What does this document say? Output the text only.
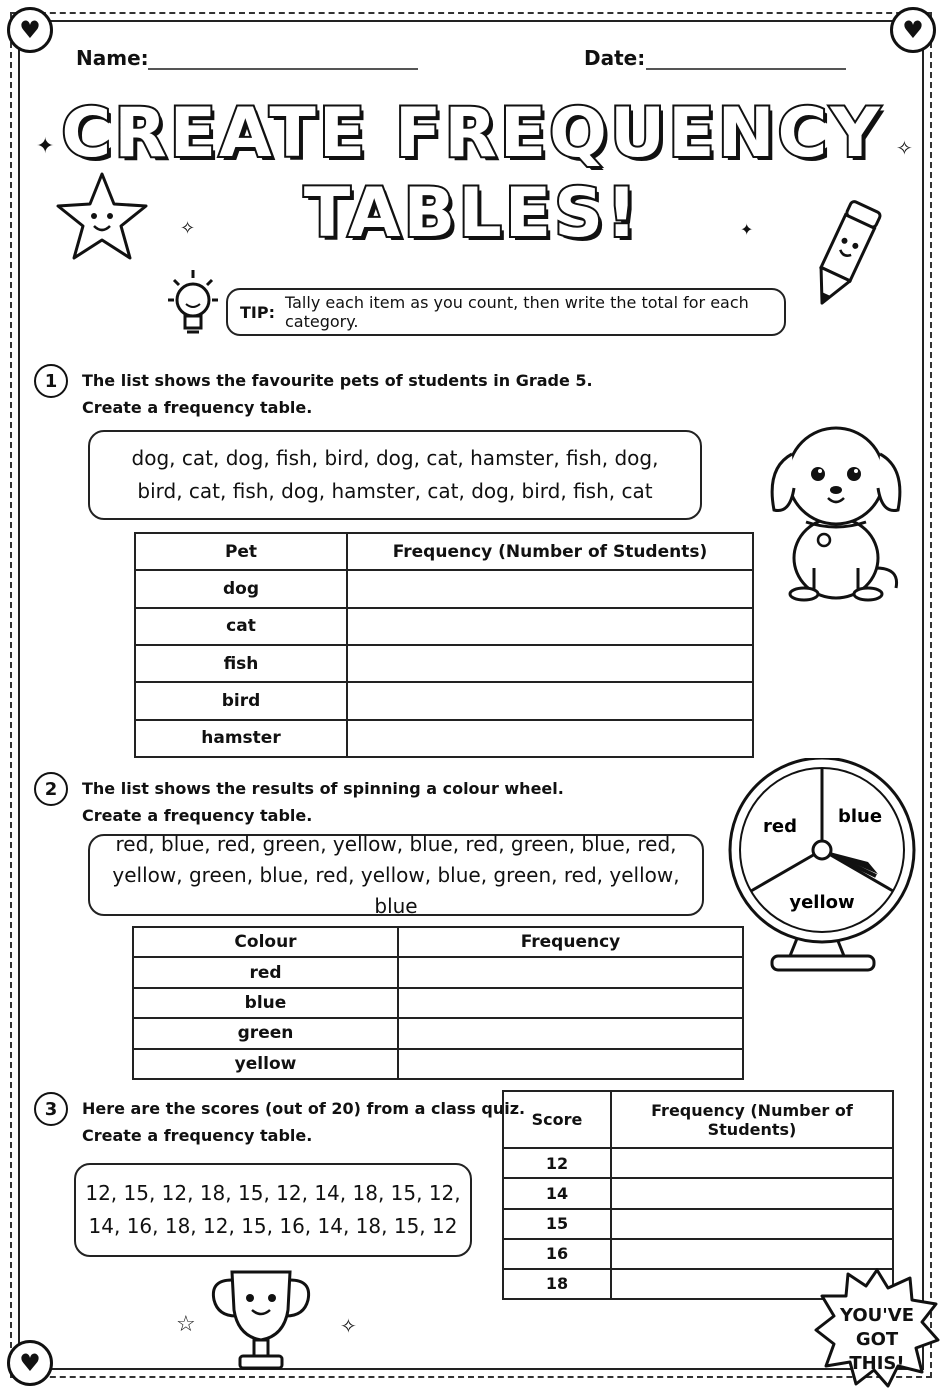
♥	♥
♥
Name:	Date:
CREATE FREQUENCY
TABLES!
✦
✧
✧
✦
TIP: Tally each item as you count, then write the total for each category.
1	The list shows the favourite pets of students in Grade 5.
Create a frequency table.
dog, cat, dog, fish, bird, dog, cat, hamster, fish, dog,
bird, cat, fish, dog, hamster, cat, dog, bird, fish, cat
Pet	Frequency (Number of Students)
dog	
cat	
fish	
bird	
hamster	
2	The list shows the results of spinning a colour wheel.
Create a frequency table.
red, blue, red, green, yellow, blue, red, green, blue, red,
yellow, green, blue, red, yellow, blue, green, red, yellow, blue
Colour	Frequency
red	
blue	
green	
yellow	
red blue
yellow
3	Here are the scores (out of 20) from a class quiz.
Create a frequency table.
12, 15, 12, 18, 15, 12, 14, 18, 15, 12,
14, 16, 18, 12, 15, 16, 14, 18, 15, 12
Score	Frequency (Number of Students)
12	
14	
15	
16	
18	
☆	✧	YOU'VE
GOT
THIS!
